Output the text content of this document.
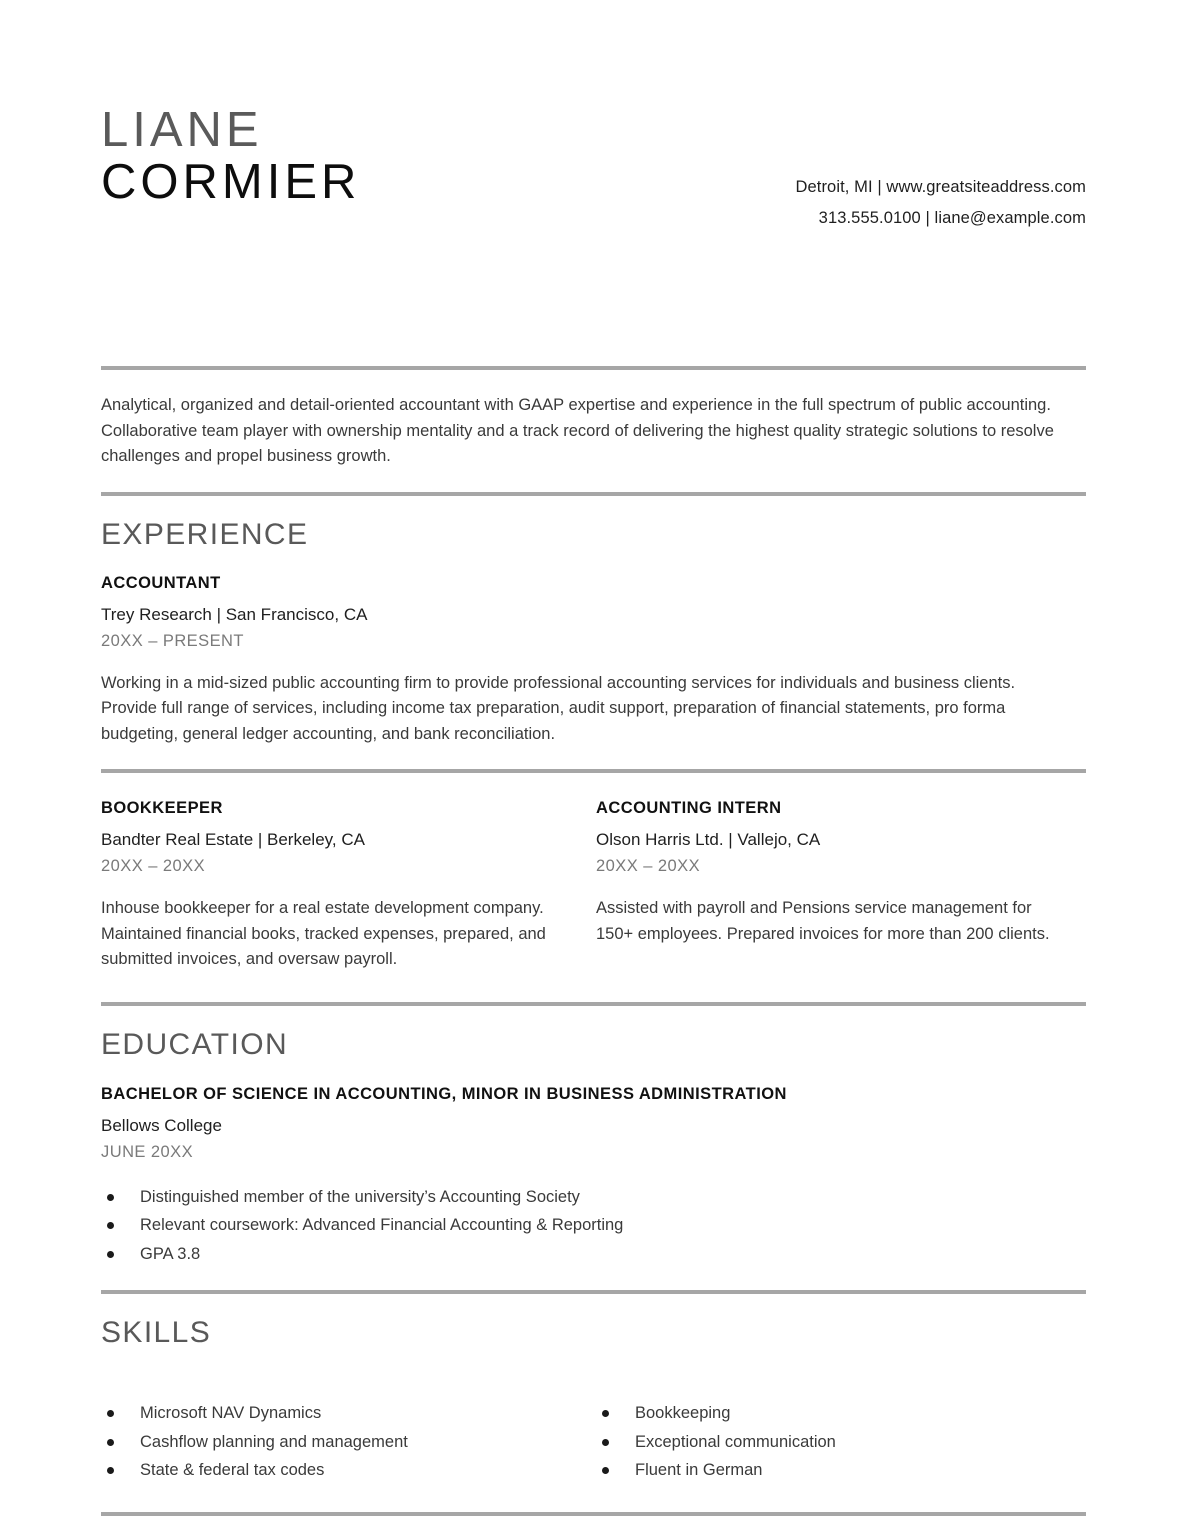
LIANE
CORMIER	Detroit, MI | www.greatsiteaddress.com
313.555.0100 | liane@example.com
Analytical, organized and detail-oriented accountant with GAAP expertise and experience in the full spectrum of public accounting. Collaborative team player with ownership mentality and a track record of delivering the highest quality strategic solutions to resolve challenges and propel business growth.
EXPERIENCE
ACCOUNTANT
Trey Research | San Francisco, CA
20XX – PRESENT
Working in a mid-sized public accounting firm to provide professional accounting services for individuals and business clients. Provide full range of services, including income tax preparation, audit support, preparation of financial statements, pro forma budgeting, general ledger accounting, and bank reconciliation.
BOOKKEEPER
Bandter Real Estate | Berkeley, CA
20XX – 20XX
Inhouse bookkeeper for a real estate development company. Maintained financial books, tracked expenses, prepared, and submitted invoices, and oversaw payroll.
ACCOUNTING INTERN
Olson Harris Ltd. | Vallejo, CA
20XX – 20XX
Assisted with payroll and Pensions service management for 150+ employees. Prepared invoices for more than 200 clients.
EDUCATION
BACHELOR OF SCIENCE IN ACCOUNTING, MINOR IN BUSINESS ADMINISTRATION
Bellows College
JUNE 20XX
Distinguished member of the university’s Accounting Society
Relevant coursework: Advanced Financial Accounting & Reporting
GPA 3.8
SKILLS
Microsoft NAV Dynamics
Cashflow planning and management
State & federal tax codes
Bookkeeping
Exceptional communication
Fluent in German
